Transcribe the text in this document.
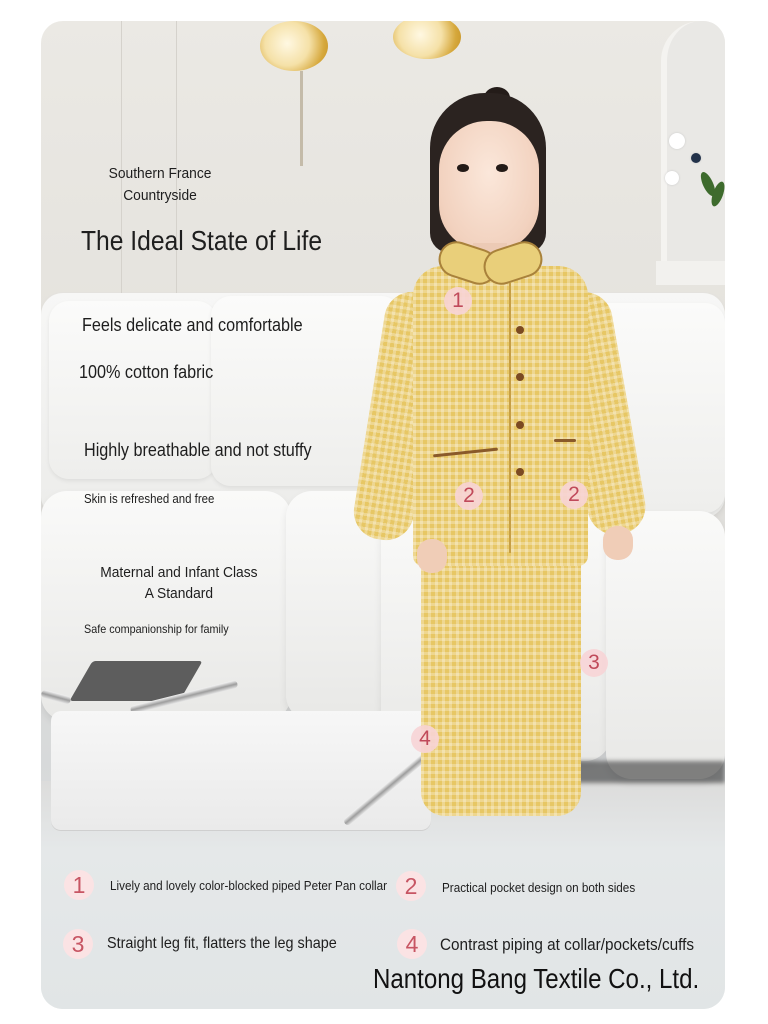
1
2	2
3
4
Southern France
Countryside
The Ideal State of Life
Feels delicate and comfortable
100% cotton fabric
Highly breathable and not stuffy
Skin is refreshed and free
Maternal and Infant Class A Standard
Safe companionship for family
1	Lively and lovely color-blocked piped Peter Pan collar 2	Practical pocket design on both sides
3	Straight leg fit, flatters the leg shape	4	Contrast piping at collar/pockets/cuffs
Nantong Bang Textile Co., Ltd.
